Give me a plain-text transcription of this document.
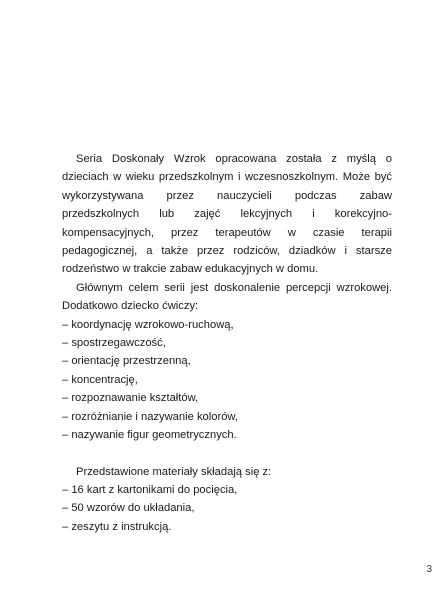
Seria Doskonały Wzrok opracowana została z myślą o dzieciach w wieku przedszkolnym i wczesnoszkolnym. Może być wykorzystywana przez nauczycieli podczas zabaw przedszkolnych lub zajęć lekcyjnych i korekcyjno-kompensacyjnych, przez terapeutów w czasie terapii pedagogicznej, a także przez rodziców, dziadków i starsze rodzeństwo w trakcie zabaw edukacyjnych w domu.

Głównym celem serii jest doskonalenie percepcji wzrokowej. Dodatkowo dziecko ćwiczy:

– koordynację wzrokowo-ruchową,
– spostrzegawczość,
– orientację przestrzenną,
– koncentrację,
– rozpoznawanie kształtów,
– rozróżnianie i nazywanie kolorów,
– nazywanie figur geometrycznych.

Przedstawione materiały składają się z:

– 16 kart z kartonikami do pocięcia,
– 50 wzorów do układania,
– zeszytu z instrukcją.
3
